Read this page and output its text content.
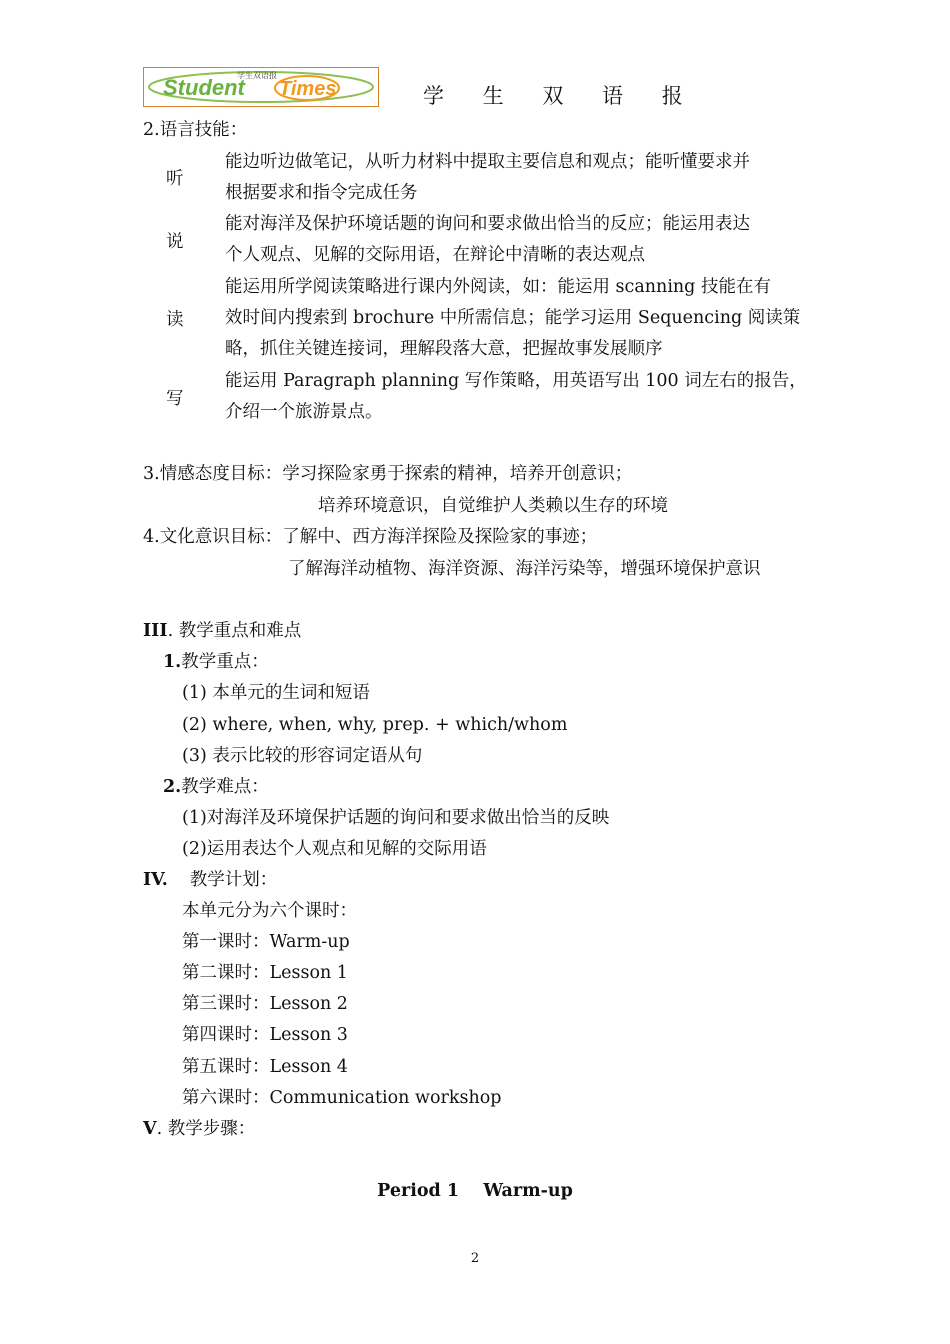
Student Times
学生双语报
学 生 双 语 报
2.语言技能：
听
能边听边做笔记，从听力材料中提取主要信息和观点；能听懂要求并
根据要求和指令完成任务
说
能对海洋及保护环境话题的询问和要求做出恰当的反应；能运用表达
个人观点、见解的交际用语，在辩论中清晰的表达观点
读
能运用所学阅读策略进行课内外阅读，如：能运用 scanning 技能在有
效时间内搜索到 brochure 中所需信息；能学习运用 Sequencing 阅读策
略，抓住关键连接词，理解段落大意，把握故事发展顺序
写
能运用 Paragraph planning 写作策略，用英语写出 100 词左右的报告，
介绍一个旅游景点。
3.情感态度目标：学习探险家勇于探索的精神，培养开创意识；
培养环境意识，自觉维护人类赖以生存的环境
4.文化意识目标：了解中、西方海洋探险及探险家的事迹；
了解海洋动植物、海洋资源、海洋污染等，增强环境保护意识
III. 教学重点和难点
1.教学重点：
(1) 本单元的生词和短语
(2) where, when, why, prep. + which/whom
(3) 表示比较的形容词定语从句
2.教学难点：
(1)对海洋及环境保护话题的询问和要求做出恰当的反映
(2)运用表达个人观点和见解的交际用语
IV. 教学计划：
本单元分为六个课时：
第一课时：Warm-up
第二课时：Lesson 1
第三课时：Lesson 2
第四课时：Lesson 3
第五课时：Lesson 4
第六课时：Communication workshop
V. 教学步骤：
Period 1    Warm-up
2
